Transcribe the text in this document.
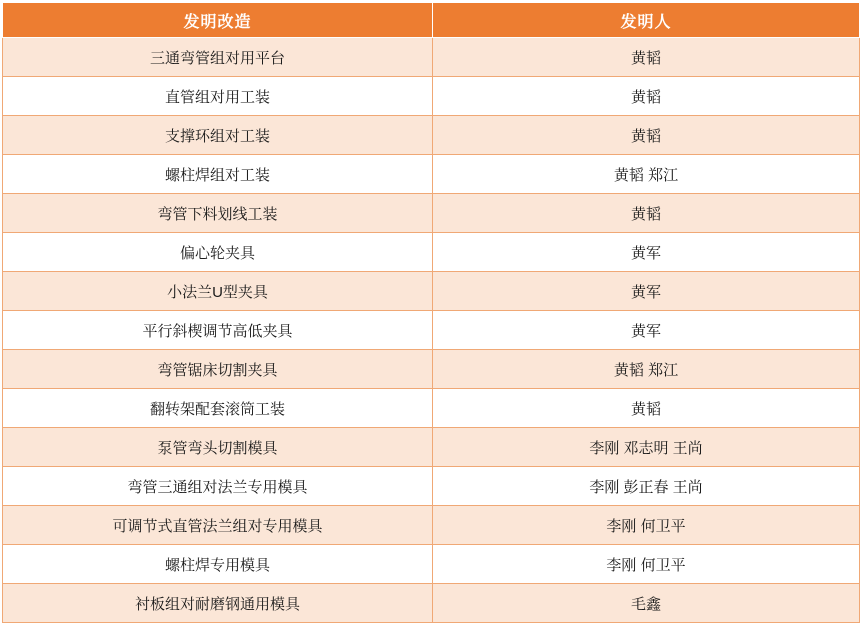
发明改造	发明人
三通弯管组对用平台	黄韬
直管组对用工装	黄韬
支撑环组对工装	黄韬
螺柱焊组对工装	黄韬 郑江
弯管下料划线工装	黄韬
偏心轮夹具	黄军
小法兰U型夹具	黄军
平行斜楔调节高低夹具	黄军
弯管锯床切割夹具	黄韬 郑江
翻转架配套滚筒工装	黄韬
泵管弯头切割模具	李刚 邓志明 王尚
弯管三通组对法兰专用模具	李刚 彭正春 王尚
可调节式直管法兰组对专用模具	李刚 何卫平
螺柱焊专用模具	李刚 何卫平
衬板组对耐磨钢通用模具	毛鑫
